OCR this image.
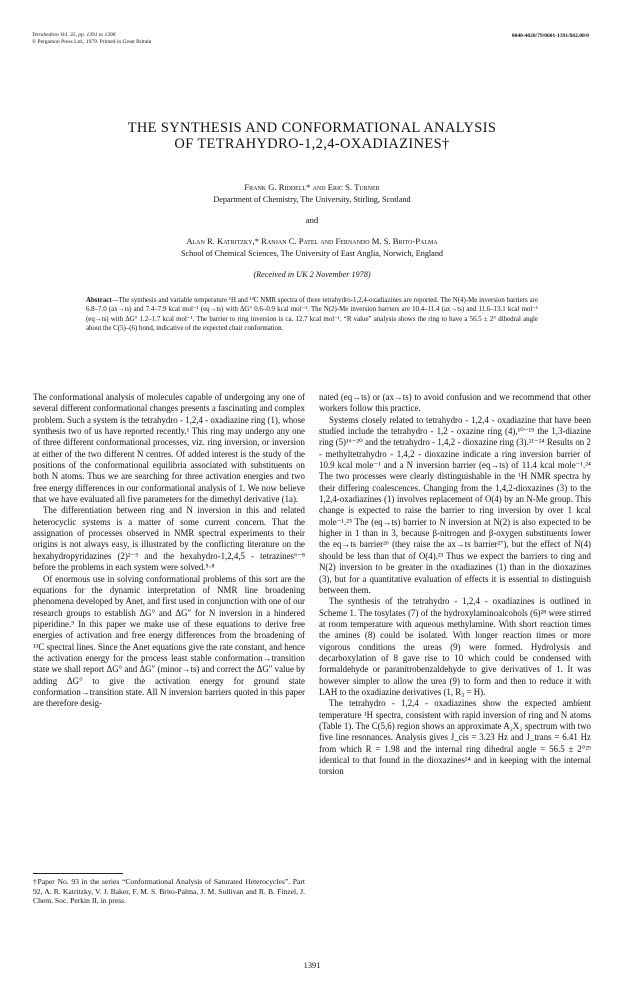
Tetrahedron Vol. 35, pp. 1391 to 1398
© Pergamon Press Ltd., 1979. Printed in Great Britain
0040-4020/79/0601-1391/$02.00/0
THE SYNTHESIS AND CONFORMATIONAL ANALYSIS
OF TETRAHYDRO-1,2,4-OXADIAZINES†
Frank G. Riddell* and Eric S. Turner
Department of Chemistry, The University, Stirling, Scotland
and
Alan R. Katritzky,* Ranjan C. Patel and Fernando M. S. Brito-Palma
School of Chemical Sciences, The University of East Anglia, Norwich, England
(Received in UK 2 November 1978)
Abstract—The synthesis and variable temperature ¹H and ¹³C NMR spectra of three tetrahydro-1,2,4-oxadiazines are reported. The N(4)-Me inversion barriers are 6.8–7.0 (ax→ts) and 7.4–7.9 kcal mol⁻¹ (eq→ts) with ΔG° 0.6–0.9 kcal mol⁻¹. The N(2)-Me inversion barriers are 10.4–11.4 (ax→ts) and 11.6–13.1 kcal mol⁻¹ (eq→ts) with ΔG° 1.2–1.7 kcal mol⁻¹. The barrier to ring inversion is ca. 12.7 kcal mol⁻¹. “R value” analysis shows the ring to have a 56.5 ± 2° dihedral angle about the C(5)–(6) bond, indicative of the expected chair conformation.

The conformational analysis of molecules capable of undergoing any one of several different conformational changes presents a fascinating and complex problem. Such a system is the tetrahydro - 1,2,4 - oxadiazine ring (1), whose synthesis two of us have reported recently.¹ This ring may undergo any one of three different conformational processes, viz. ring inversion, or inversion at either of the two different N centres. Of added interest is the study of the positions of the conformational equilibria associated with substituents on both N atoms. Thus we are searching for three activation energies and two free energy differences in our conformational analysis of 1. We now believe that we have evaluated all five parameters for the dimethyl derivative (1a).

The differentiation between ring and N inversion in this and related heterocyclic systems is a matter of some current concern. That the assignation of processes observed in NMR spectral experiments to their origins is not always easy, is illustrated by the conflicting literature on the hexahydropyridazines (2)²⁻⁵ and the hexahydro-1,2,4,5 - tetrazines⁶⁻⁸ before the problems in each system were solved.⁵·⁸

Of enormous use in solving conformational problems of this sort are the equations for the dynamic interpretation of NMR line broadening phenomena developed by Anet, and first used in conjunction with one of our research groups to establish ΔG° and ΔG″ for N inversion in a hindered piperidine.⁹ In this paper we make use of these equations to derive free energies of activation and free energy differences from the broadening of ¹³C spectral lines. Since the Anet equations give the rate constant, and hence the activation energy for the process least stable conformation→transition state we shall report ΔG° and ΔG″ (minor→ts) and correct the ΔG″ value by adding ΔG° to give the activation energy for ground state conformation→transition state. All N inversion barriers quoted in this paper are therefore desig-

nated (eq→ts) or (ax→ts) to avoid confusion and we recommend that other workers follow this practice.

Systems closely related to tetrahydro - 1,2,4 - oxadiazine that have been studied include the tetrahydro - 1,2 - oxazine ring (4),¹⁰⁻¹⁵ the 1,3-diazine ring (5)¹⁶⁻²⁰ and the tetrahydro - 1,4,2 - dioxazine ring (3).²¹⁻²⁴ Results on 2 - methyltetrahydro - 1,4,2 - dioxazine indicate a ring inversion barrier of 10.9 kcal mole⁻¹ and a N inversion barrier (eq→ts) of 11.4 kcal mole⁻¹.²⁴ The two processes were clearly distinguishable in the ¹H NMR spectra by their differing coalescences. Changing from the 1,4,2-dioxazines (3) to the 1,2,4-oxadiazines (1) involves replacement of O(4) by an N-Me group. This change is expected to raise the barrier to ring inversion by over 1 kcal mole⁻¹.²⁵ The (eq→ts) barrier to N inversion at N(2) is also expected to be higher in 1 than in 3, because β-nitrogen and β-oxygen substituents lower the eq→ts barrier²⁶ (they raise the ax→ts barrier²⁷), but the effect of N(4) should be less than that of O(4).²³ Thus we expect the barriers to ring and N(2) inversion to be greater in the oxadiazines (1) than in the dioxazines (3), but for a quantitative evaluation of effects it is essential to distinguish between them.

The synthesis of the tetrahydro - 1,2,4 - oxadiazines is outlined in Scheme 1. The tosylates (7) of the hydroxylaminoalcohols (6)²⁸ were stirred at room temperature with aqueous methylamine. With short reaction times the amines (8) could be isolated. With longer reaction times or more vigorous conditions the ureas (9) were formed. Hydrolysis and decarboxylation of 8 gave rise to 10 which could be condensed with formaldehyde or paranitrobenzaldehyde to give derivatives of 1. It was however simpler to allow the urea (9) to form and then to reduce it with LAH to the oxadiazine derivatives (1, R₃ = H).

The tetrahydro - 1,2,4 - oxadiazines show the expected ambient temperature ¹H spectra, consistent with rapid inversion of ring and N atoms (Table 1). The C(5,6) region shows an approximate A₂X₂ spectrum with two five line resonances. Analysis gives J_cis = 3.23 Hz and J_trans = 6.41 Hz from which R = 1.98 and the internal ring dihedral angle = 56.5 ± 2°²⁹ identical to that found in the dioxazines²⁴ and in keeping with the internal torsion

†Paper No. 93 in the series “Conformational Analysis of Saturated Heterocycles”. Part 92, A. R. Katritzky, V. J. Baker, F. M. S. Brito-Palma, J. M. Sullivan and R. B. Finzel, J. Chem. Soc. Perkin II, in press.
1391
